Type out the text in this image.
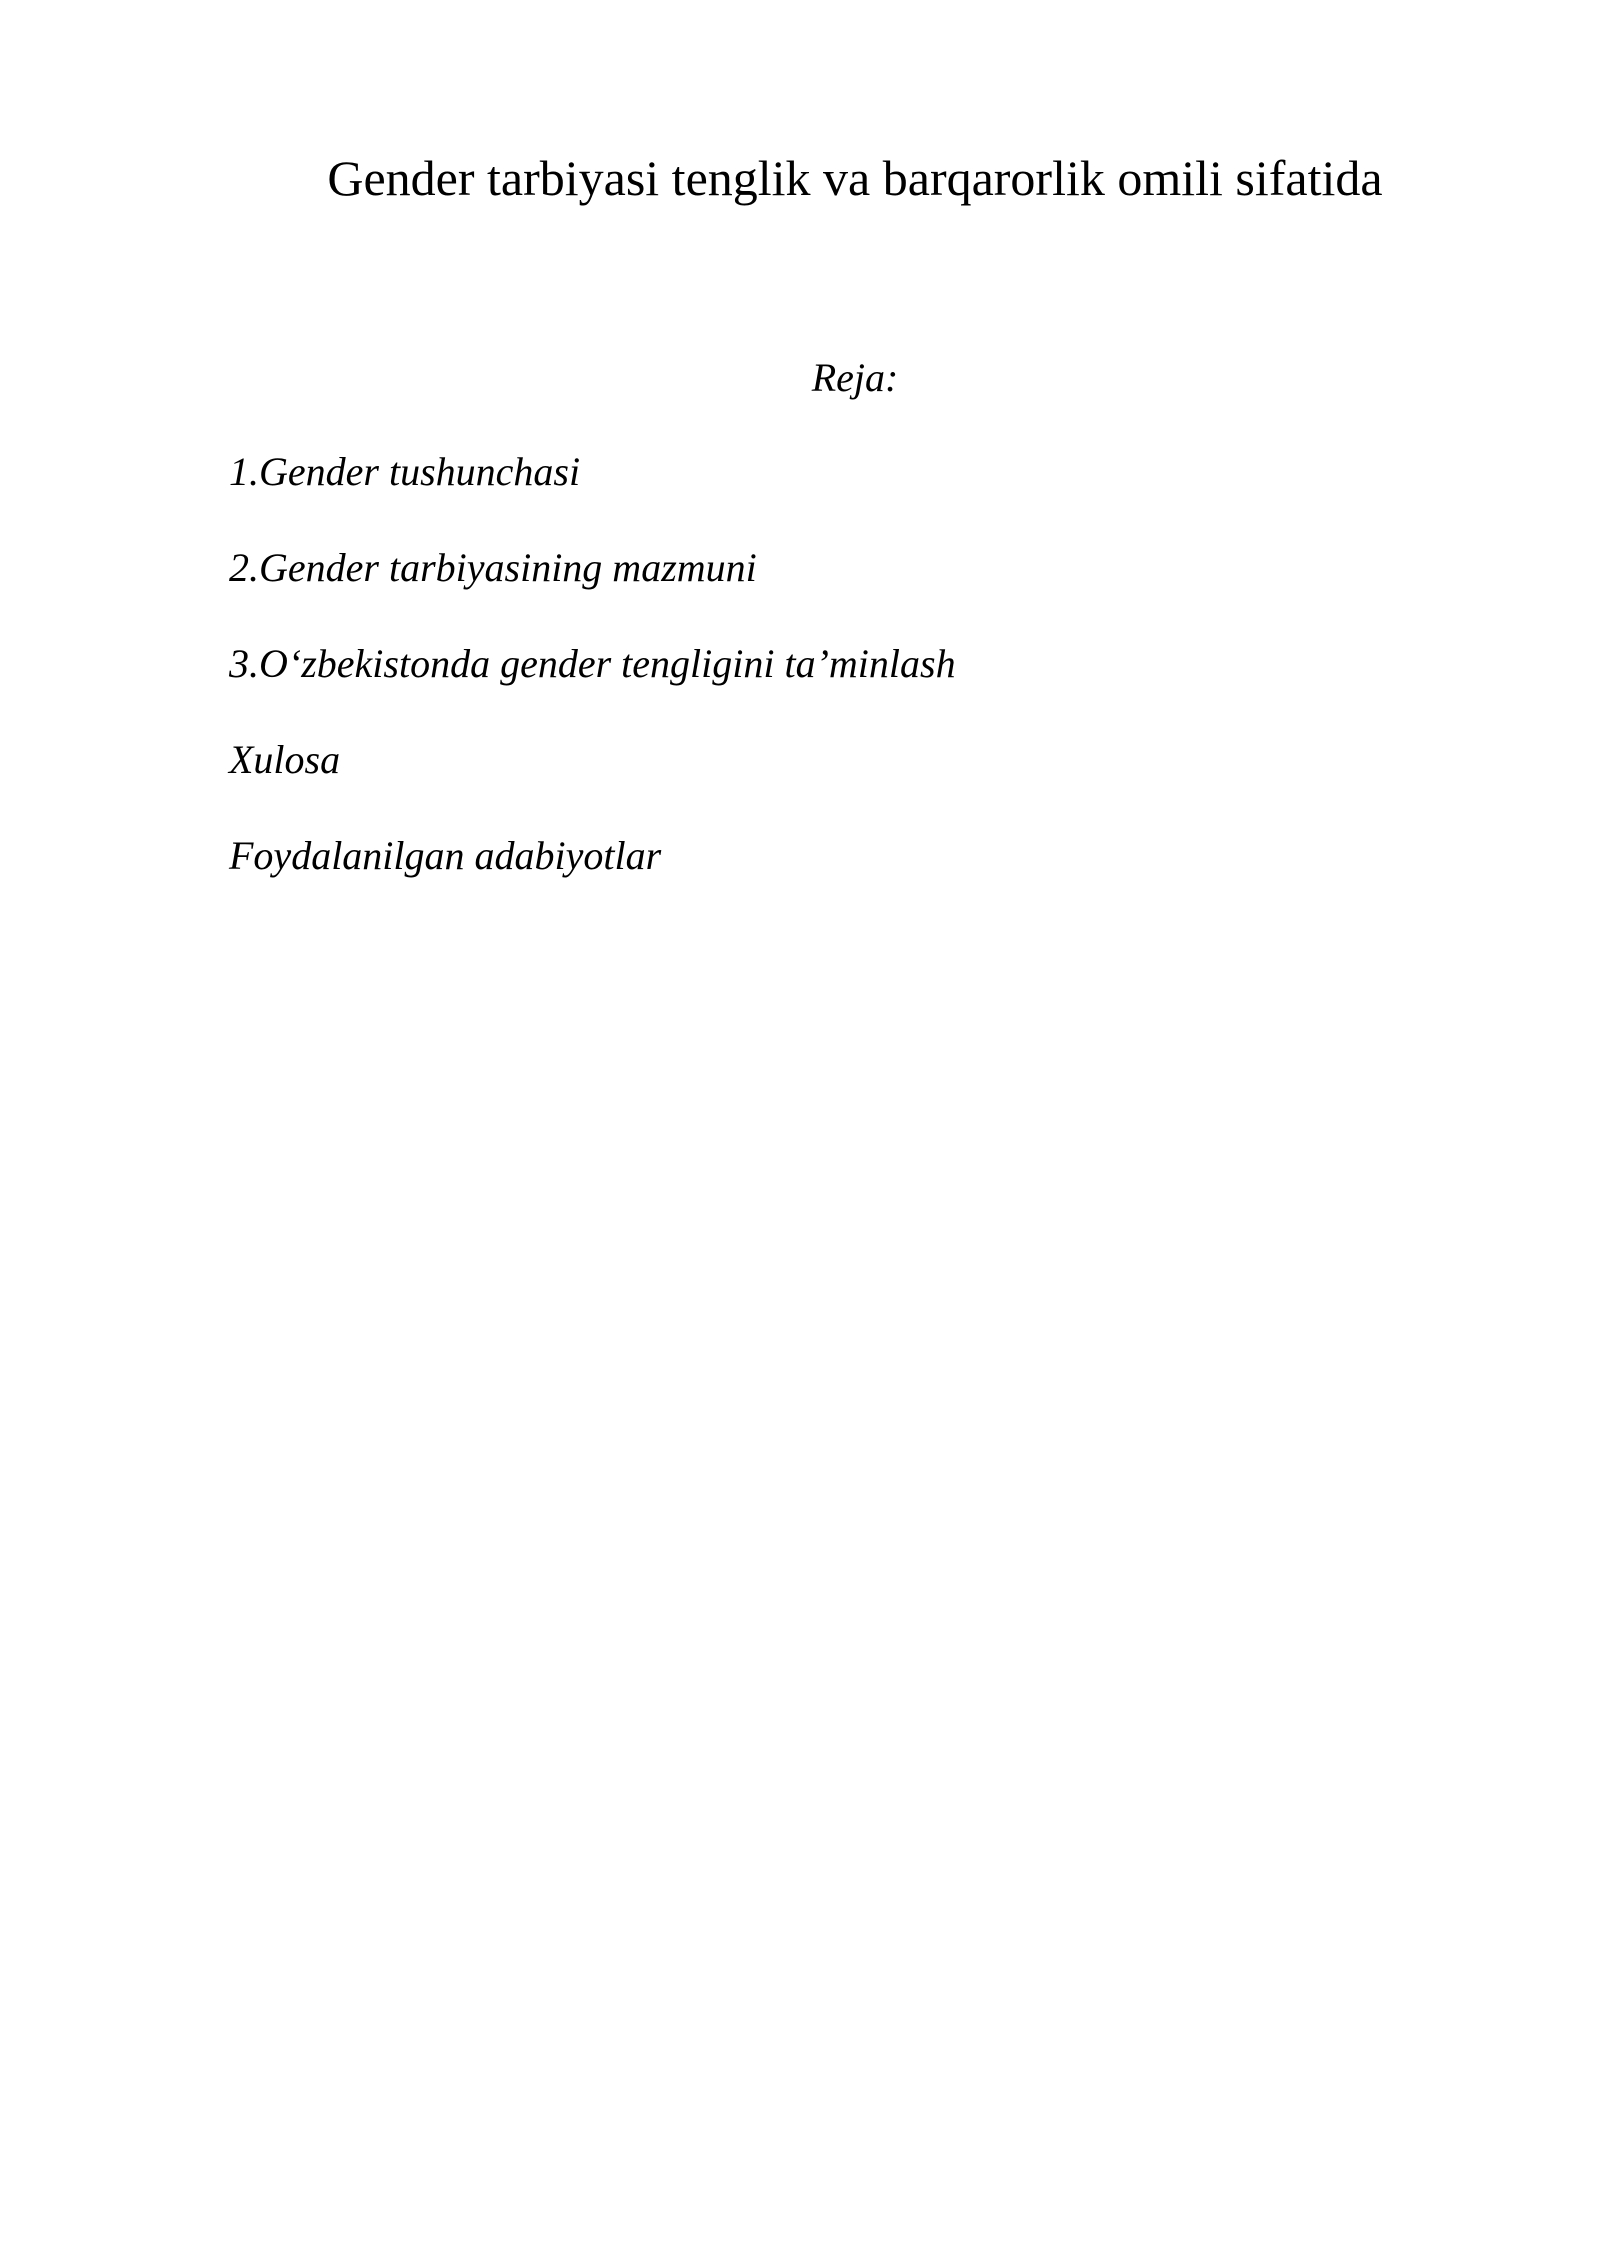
Gender tarbiyasi tenglik va barqarorlik omili sifatida

Reja:

1.Gender tushunchasi
2.Gender tarbiyasining mazmuni
3.O‘zbekistonda gender tengligini ta’minlash
Xulosa
Foydalanilgan adabiyotlar
